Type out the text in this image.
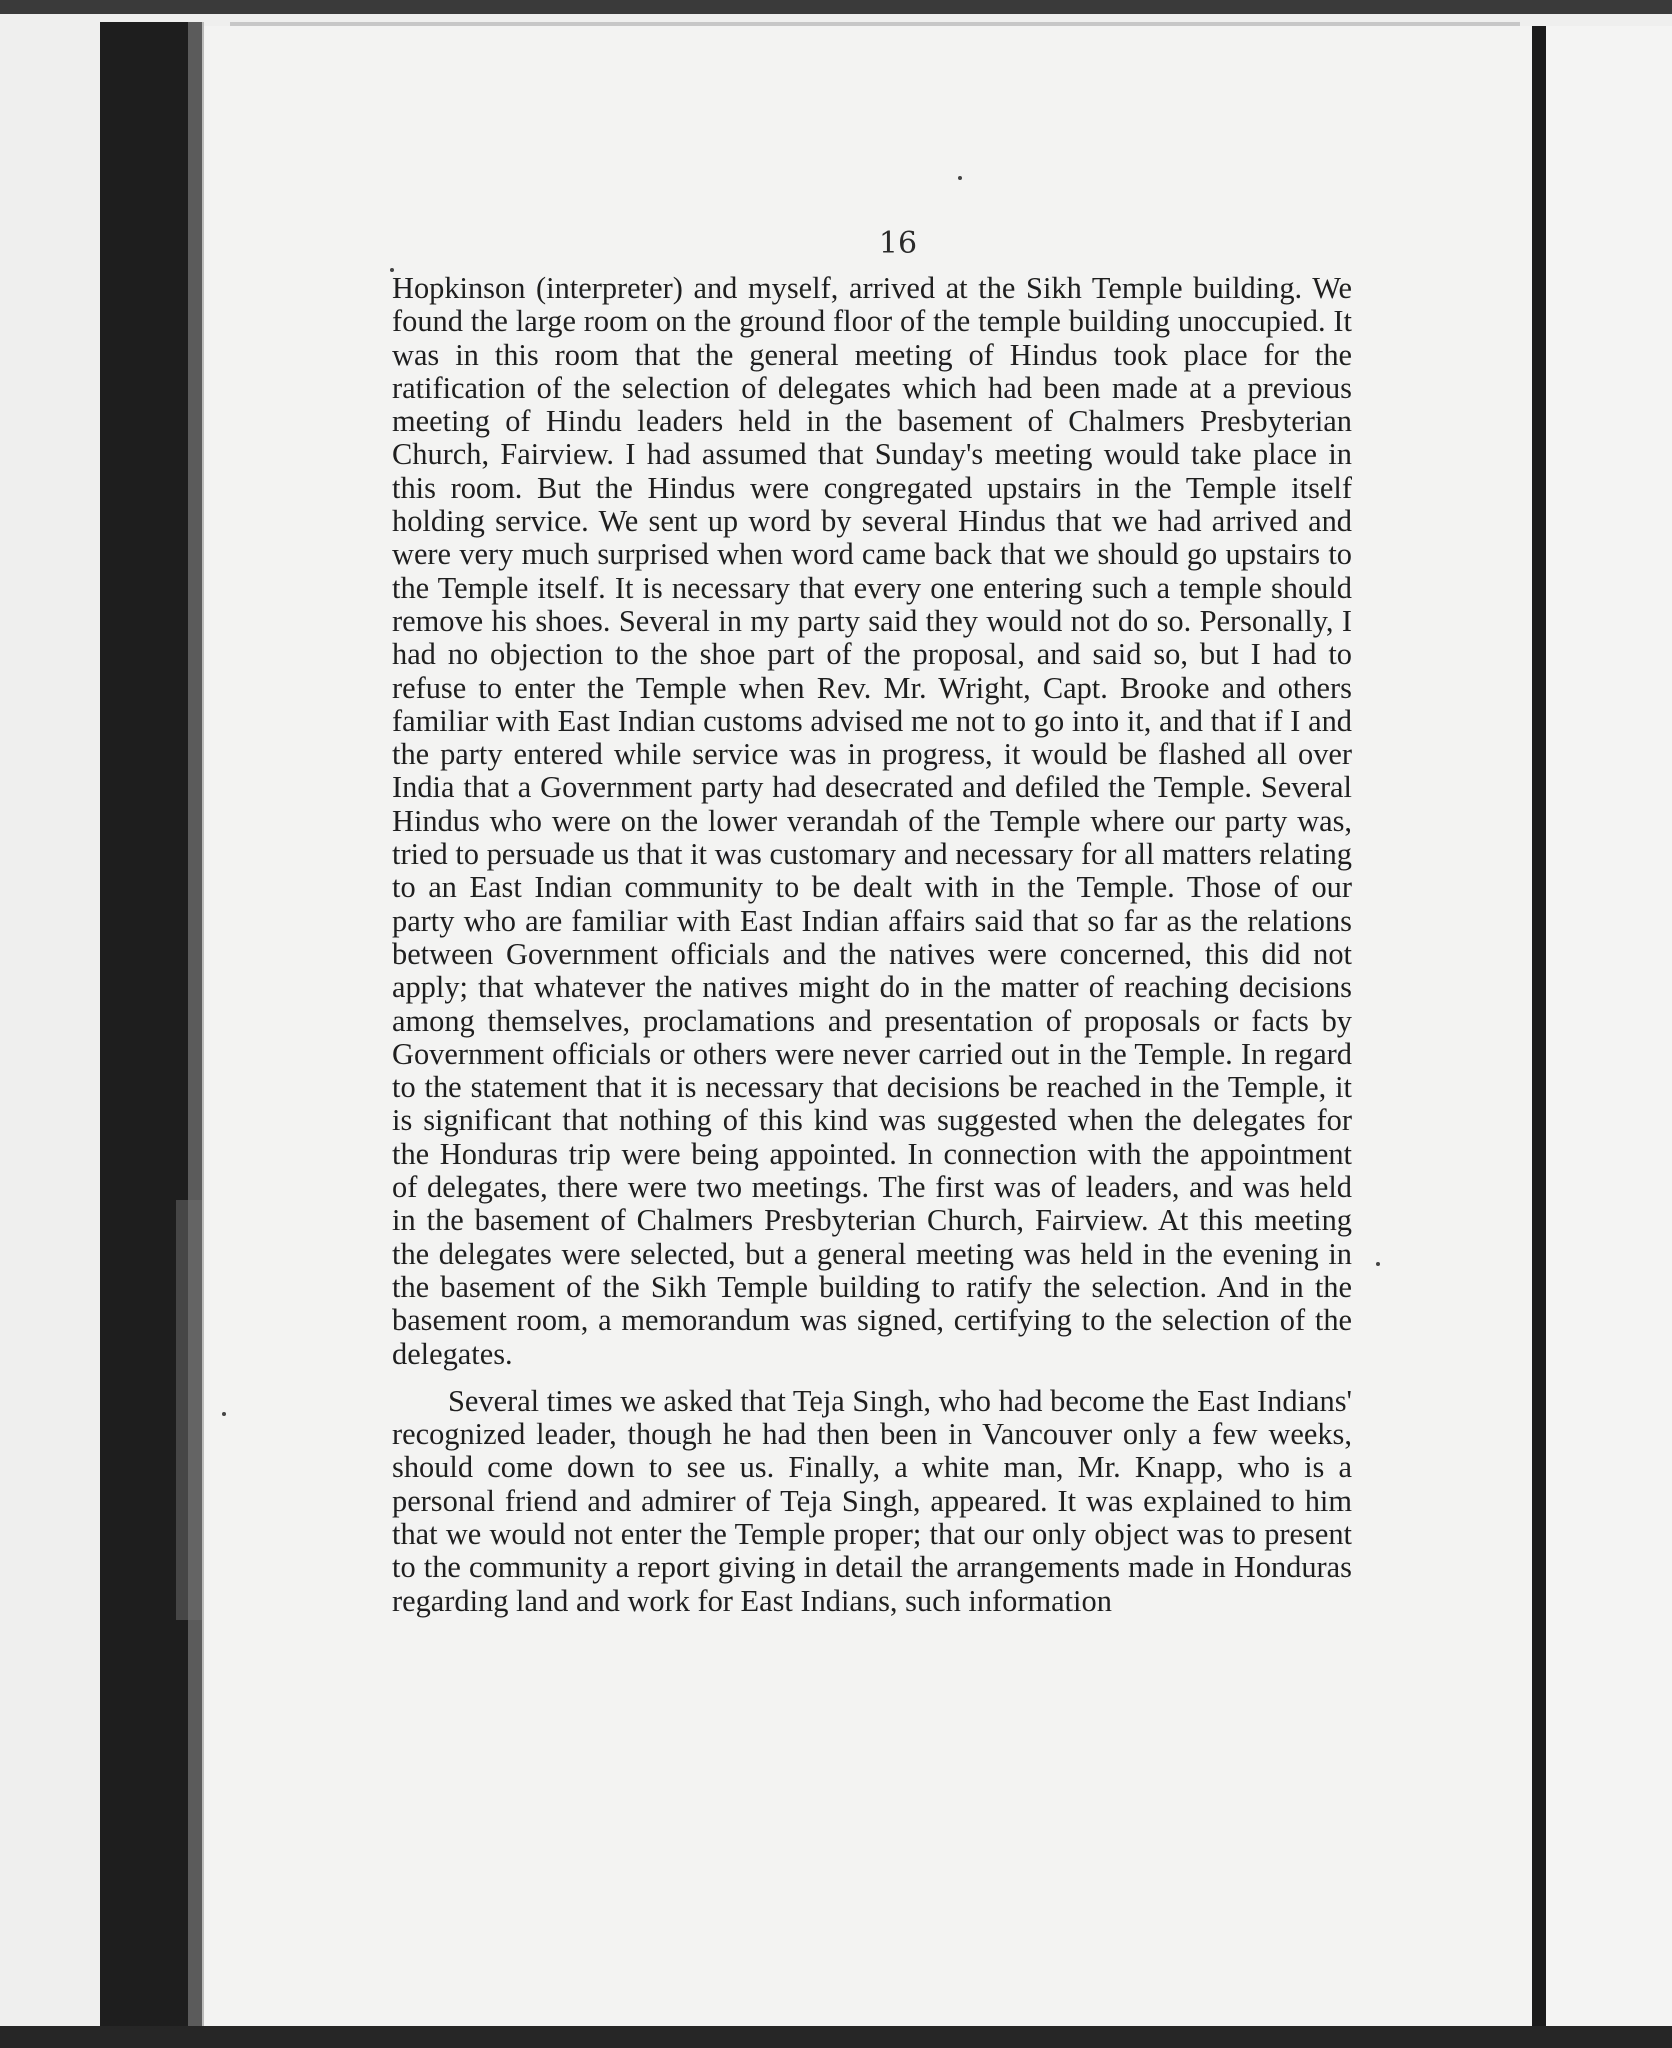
16

Hopkinson (interpreter) and myself, arrived at the Sikh Temple building. We found the large room on the ground floor of the temple building unoccupied. It was in this room that the general meeting of Hindus took place for the ratification of the selection of delegates which had been made at a previous meeting of Hindu leaders held in the basement of Chalmers Presbyterian Church, Fairview. I had assumed that Sunday's meeting would take place in this room. But the Hindus were congregated upstairs in the Temple itself holding service. We sent up word by several Hindus that we had arrived and were very much surprised when word came back that we should go upstairs to the Temple itself. It is necessary that every one entering such a temple should remove his shoes. Several in my party said they would not do so. Personally, I had no objection to the shoe part of the proposal, and said so, but I had to refuse to enter the Temple when Rev. Mr. Wright, Capt. Brooke and others familiar with East Indian customs advised me not to go into it, and that if I and the party entered while service was in progress, it would be flashed all over India that a Government party had desecrated and defiled the Temple. Several Hindus who were on the lower verandah of the Temple where our party was, tried to persuade us that it was customary and necessary for all matters relating to an East Indian community to be dealt with in the Temple. Those of our party who are familiar with East Indian affairs said that so far as the relations between Government officials and the natives were concerned, this did not apply; that whatever the natives might do in the matter of reaching decisions among themselves, proclamations and presentation of proposals or facts by Government officials or others were never carried out in the Temple. In regard to the statement that it is necessary that decisions be reached in the Temple, it is significant that nothing of this kind was suggested when the delegates for the Honduras trip were being appointed. In connection with the appointment of delegates, there were two meetings. The first was of leaders, and was held in the basement of Chalmers Presbyterian Church, Fairview. At this meeting the delegates were selected, but a general meeting was held in the evening in the basement of the Sikh Temple building to ratify the selection. And in the basement room, a memorandum was signed, certifying to the selection of the delegates.

Several times we asked that Teja Singh, who had become the East Indians' recognized leader, though he had then been in Vancouver only a few weeks, should come down to see us. Finally, a white man, Mr. Knapp, who is a personal friend and admirer of Teja Singh, appeared. It was explained to him that we would not enter the Temple proper; that our only object was to present to the community a report giving in detail the arrangements made in Honduras regarding land and work for East Indians, such information
